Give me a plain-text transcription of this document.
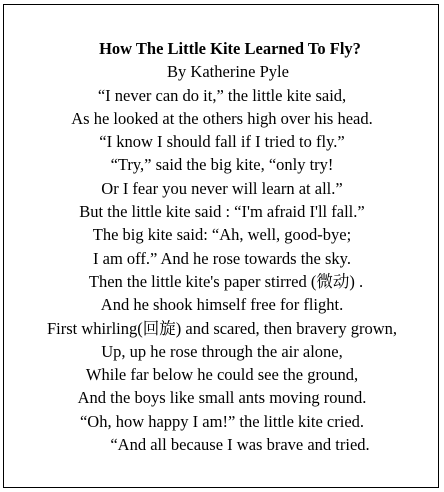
How The Little Kite Learned To Fly?
By Katherine Pyle
“I never can do it,” the little kite said,
As he looked at the others high over his head.
“I know I should fall if I tried to fly.”
“Try,” said the big kite, “only try!
Or I fear you never will learn at all.”
But the little kite said : “I'm afraid I'll fall.”
The big kite said: “Ah, well, good-bye;
I am off.” And he rose towards the sky.
Then the little kite's paper stirred (微动) .
And he shook himself free for flight.
First whirling(回旋) and scared, then bravery grown,
Up, up he rose through the air alone,
While far below he could see the ground,
And the boys like small ants moving round.
“Oh, how happy I am!” the little kite cried.
“And all because I was brave and tried.
